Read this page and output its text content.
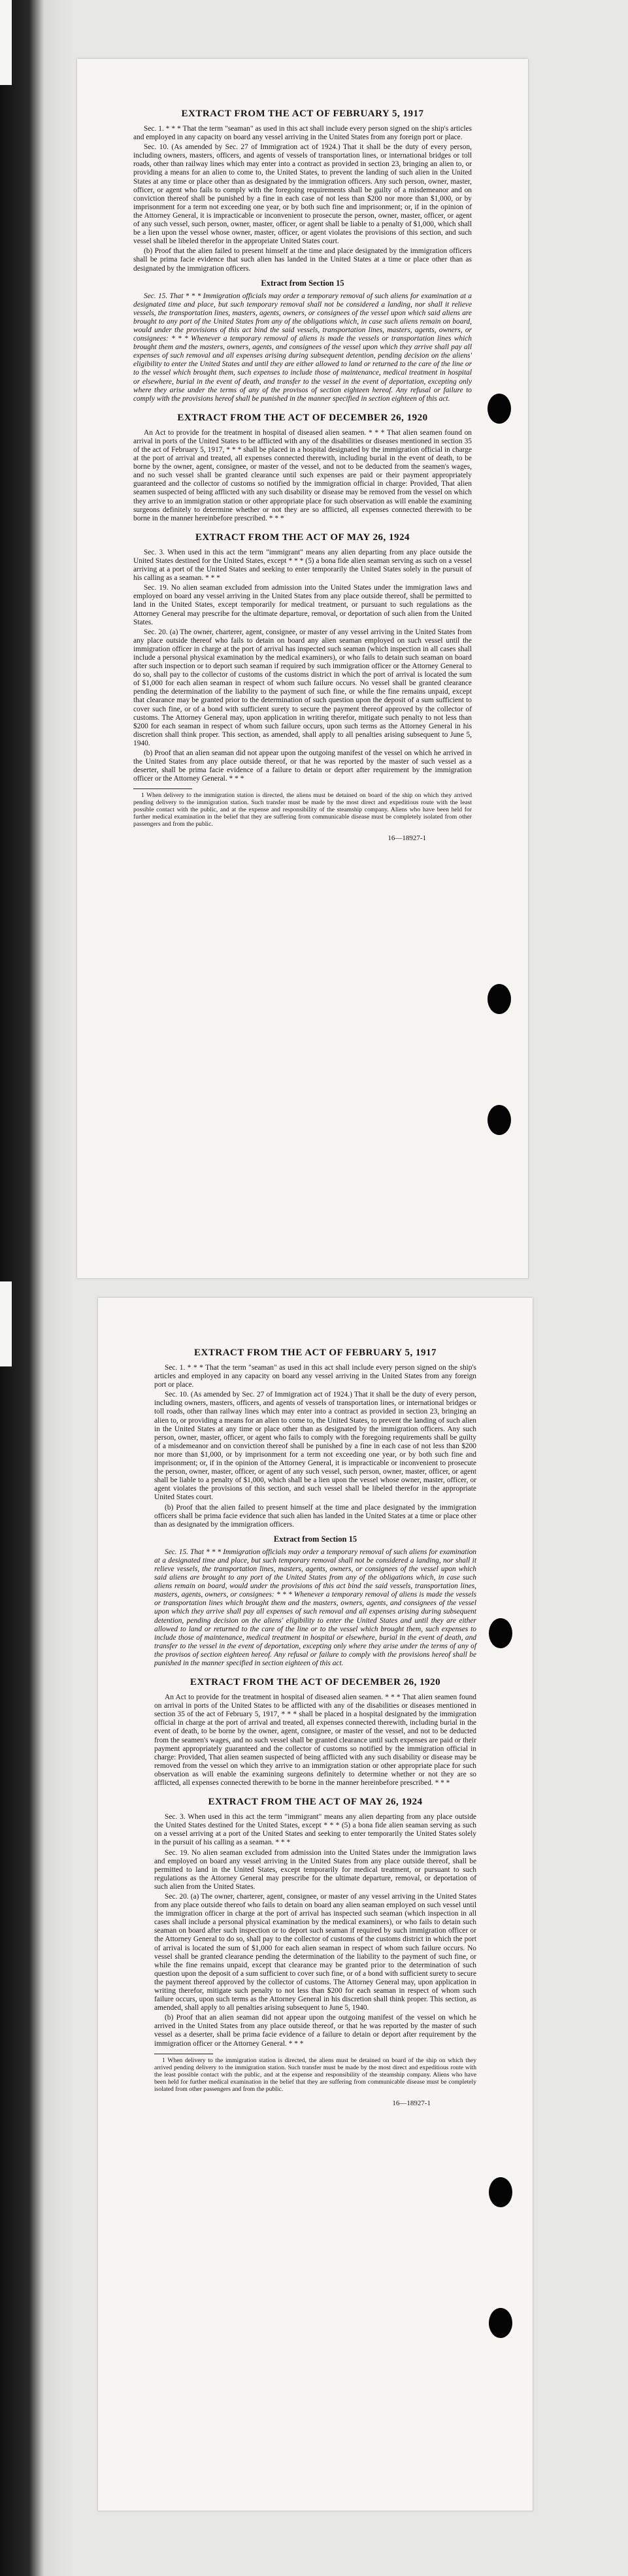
EXTRACT FROM THE ACT OF FEBRUARY 5, 1917

Sec. 1. * * * That the term "seaman" as used in this act shall include every person signed on the ship's articles and employed in any capacity on board any vessel arriving in the United States from any foreign port or place.

Sec. 10. (As amended by Sec. 27 of Immigration act of 1924.) That it shall be the duty of every person, including owners, masters, officers, and agents of vessels of transportation lines, or international bridges or toll roads, other than railway lines which may enter into a contract as provided in section 23, bringing an alien to, or providing a means for an alien to come to, the United States, to prevent the landing of such alien in the United States at any time or place other than as designated by the immigration officers. Any such person, owner, master, officer, or agent who fails to comply with the foregoing requirements shall be guilty of a misdemeanor and on conviction thereof shall be punished by a fine in each case of not less than $200 nor more than $1,000, or by imprisonment for a term not exceeding one year, or by both such fine and imprisonment; or, if in the opinion of the Attorney General, it is impracticable or inconvenient to prosecute the person, owner, master, officer, or agent of any such vessel, such person, owner, master, officer, or agent shall be liable to a penalty of $1,000, which shall be a lien upon the vessel whose owner, master, officer, or agent violates the provisions of this section, and such vessel shall be libeled therefor in the appropriate United States court.

(b) Proof that the alien failed to present himself at the time and place designated by the immigration officers shall be prima facie evidence that such alien has landed in the United States at a time or place other than as designated by the immigration officers.

Extract from Section 15

Sec. 15. That * * * Immigration officials may order a temporary removal of such aliens for examination at a designated time and place, but such temporary removal shall not be considered a landing, nor shall it relieve vessels, the transportation lines, masters, agents, owners, or consignees of the vessel upon which said aliens are brought to any port of the United States from any of the obligations which, in case such aliens remain on board, would under the provisions of this act bind the said vessels, transportation lines, masters, agents, owners, or consignees: * * * Whenever a temporary removal of aliens is made the vessels or transportation lines which brought them and the masters, owners, agents, and consignees of the vessel upon which they arrive shall pay all expenses of such removal and all expenses arising during subsequent detention, pending decision on the aliens' eligibility to enter the United States and until they are either allowed to land or returned to the care of the line or to the vessel which brought them, such expenses to include those of maintenance, medical treatment in hospital or elsewhere, burial in the event of death, and transfer to the vessel in the event of deportation, excepting only where they arise under the terms of any of the provisos of section eighteen hereof. Any refusal or failure to comply with the provisions hereof shall be punished in the manner specified in section eighteen of this act.

EXTRACT FROM THE ACT OF DECEMBER 26, 1920

An Act to provide for the treatment in hospital of diseased alien seamen. * * * That alien seamen found on arrival in ports of the United States to be afflicted with any of the disabilities or diseases mentioned in section 35 of the act of February 5, 1917, * * * shall be placed in a hospital designated by the immigration official in charge at the port of arrival and treated, all expenses connected therewith, including burial in the event of death, to be borne by the owner, agent, consignee, or master of the vessel, and not to be deducted from the seamen's wages, and no such vessel shall be granted clearance until such expenses are paid or their payment appropriately guaranteed and the collector of customs so notified by the immigration official in charge: Provided, That alien seamen suspected of being afflicted with any such disability or disease may be removed from the vessel on which they arrive to an immigration station or other appropriate place for such observation as will enable the examining surgeons definitely to determine whether or not they are so afflicted, all expenses connected therewith to be borne in the manner hereinbefore prescribed. * * *

EXTRACT FROM THE ACT OF MAY 26, 1924

Sec. 3. When used in this act the term "immigrant" means any alien departing from any place outside the United States destined for the United States, except * * * (5) a bona fide alien seaman serving as such on a vessel arriving at a port of the United States and seeking to enter temporarily the United States solely in the pursuit of his calling as a seaman. * * *

Sec. 19. No alien seaman excluded from admission into the United States under the immigration laws and employed on board any vessel arriving in the United States from any place outside thereof, shall be permitted to land in the United States, except temporarily for medical treatment, or pursuant to such regulations as the Attorney General may prescribe for the ultimate departure, removal, or deportation of such alien from the United States.

Sec. 20. (a) The owner, charterer, agent, consignee, or master of any vessel arriving in the United States from any place outside thereof who fails to detain on board any alien seaman employed on such vessel until the immigration officer in charge at the port of arrival has inspected such seaman (which inspection in all cases shall include a personal physical examination by the medical examiners), or who fails to detain such seaman on board after such inspection or to deport such seaman if required by such immigration officer or the Attorney General to do so, shall pay to the collector of customs of the customs district in which the port of arrival is located the sum of $1,000 for each alien seaman in respect of whom such failure occurs. No vessel shall be granted clearance pending the determination of the liability to the payment of such fine, or while the fine remains unpaid, except that clearance may be granted prior to the determination of such question upon the deposit of a sum sufficient to cover such fine, or of a bond with sufficient surety to secure the payment thereof approved by the collector of customs. The Attorney General may, upon application in writing therefor, mitigate such penalty to not less than $200 for each seaman in respect of whom such failure occurs, upon such terms as the Attorney General in his discretion shall think proper. This section, as amended, shall apply to all penalties arising subsequent to June 5, 1940.

(b) Proof that an alien seaman did not appear upon the outgoing manifest of the vessel on which he arrived in the United States from any place outside thereof, or that he was reported by the master of such vessel as a deserter, shall be prima facie evidence of a failure to detain or deport after requirement by the immigration officer or the Attorney General. * * *

1 When delivery to the immigration station is directed, the aliens must be detained on board of the ship on which they arrived pending delivery to the immigration station. Such transfer must be made by the most direct and expeditious route with the least possible contact with the public, and at the expense and responsibility of the steamship company. Aliens who have been held for further medical examination in the belief that they are suffering from communicable disease must be completely isolated from other passengers and from the public.

16—18927-1
EXTRACT FROM THE ACT OF FEBRUARY 5, 1917

Sec. 1. * * * That the term "seaman" as used in this act shall include every person signed on the ship's articles and employed in any capacity on board any vessel arriving in the United States from any foreign port or place.

Sec. 10. (As amended by Sec. 27 of Immigration act of 1924.) That it shall be the duty of every person, including owners, masters, officers, and agents of vessels of transportation lines, or international bridges or toll roads, other than railway lines which may enter into a contract as provided in section 23, bringing an alien to, or providing a means for an alien to come to, the United States, to prevent the landing of such alien in the United States at any time or place other than as designated by the immigration officers. Any such person, owner, master, officer, or agent who fails to comply with the foregoing requirements shall be guilty of a misdemeanor and on conviction thereof shall be punished by a fine in each case of not less than $200 nor more than $1,000, or by imprisonment for a term not exceeding one year, or by both such fine and imprisonment; or, if in the opinion of the Attorney General, it is impracticable or inconvenient to prosecute the person, owner, master, officer, or agent of any such vessel, such person, owner, master, officer, or agent shall be liable to a penalty of $1,000, which shall be a lien upon the vessel whose owner, master, officer, or agent violates the provisions of this section, and such vessel shall be libeled therefor in the appropriate United States court.

(b) Proof that the alien failed to present himself at the time and place designated by the immigration officers shall be prima facie evidence that such alien has landed in the United States at a time or place other than as designated by the immigration officers.

Extract from Section 15

Sec. 15. That * * * Immigration officials may order a temporary removal of such aliens for examination at a designated time and place, but such temporary removal shall not be considered a landing, nor shall it relieve vessels, the transportation lines, masters, agents, owners, or consignees of the vessel upon which said aliens are brought to any port of the United States from any of the obligations which, in case such aliens remain on board, would under the provisions of this act bind the said vessels, transportation lines, masters, agents, owners, or consignees: * * * Whenever a temporary removal of aliens is made the vessels or transportation lines which brought them and the masters, owners, agents, and consignees of the vessel upon which they arrive shall pay all expenses of such removal and all expenses arising during subsequent detention, pending decision on the aliens' eligibility to enter the United States and until they are either allowed to land or returned to the care of the line or to the vessel which brought them, such expenses to include those of maintenance, medical treatment in hospital or elsewhere, burial in the event of death, and transfer to the vessel in the event of deportation, excepting only where they arise under the terms of any of the provisos of section eighteen hereof. Any refusal or failure to comply with the provisions hereof shall be punished in the manner specified in section eighteen of this act.

EXTRACT FROM THE ACT OF DECEMBER 26, 1920

An Act to provide for the treatment in hospital of diseased alien seamen. * * * That alien seamen found on arrival in ports of the United States to be afflicted with any of the disabilities or diseases mentioned in section 35 of the act of February 5, 1917, * * * shall be placed in a hospital designated by the immigration official in charge at the port of arrival and treated, all expenses connected therewith, including burial in the event of death, to be borne by the owner, agent, consignee, or master of the vessel, and not to be deducted from the seamen's wages, and no such vessel shall be granted clearance until such expenses are paid or their payment appropriately guaranteed and the collector of customs so notified by the immigration official in charge: Provided, That alien seamen suspected of being afflicted with any such disability or disease may be removed from the vessel on which they arrive to an immigration station or other appropriate place for such observation as will enable the examining surgeons definitely to determine whether or not they are so afflicted, all expenses connected therewith to be borne in the manner hereinbefore prescribed. * * *

EXTRACT FROM THE ACT OF MAY 26, 1924

Sec. 3. When used in this act the term "immigrant" means any alien departing from any place outside the United States destined for the United States, except * * * (5) a bona fide alien seaman serving as such on a vessel arriving at a port of the United States and seeking to enter temporarily the United States solely in the pursuit of his calling as a seaman. * * *

Sec. 19. No alien seaman excluded from admission into the United States under the immigration laws and employed on board any vessel arriving in the United States from any place outside thereof, shall be permitted to land in the United States, except temporarily for medical treatment, or pursuant to such regulations as the Attorney General may prescribe for the ultimate departure, removal, or deportation of such alien from the United States.

Sec. 20. (a) The owner, charterer, agent, consignee, or master of any vessel arriving in the United States from any place outside thereof who fails to detain on board any alien seaman employed on such vessel until the immigration officer in charge at the port of arrival has inspected such seaman (which inspection in all cases shall include a personal physical examination by the medical examiners), or who fails to detain such seaman on board after such inspection or to deport such seaman if required by such immigration officer or the Attorney General to do so, shall pay to the collector of customs of the customs district in which the port of arrival is located the sum of $1,000 for each alien seaman in respect of whom such failure occurs. No vessel shall be granted clearance pending the determination of the liability to the payment of such fine, or while the fine remains unpaid, except that clearance may be granted prior to the determination of such question upon the deposit of a sum sufficient to cover such fine, or of a bond with sufficient surety to secure the payment thereof approved by the collector of customs. The Attorney General may, upon application in writing therefor, mitigate such penalty to not less than $200 for each seaman in respect of whom such failure occurs, upon such terms as the Attorney General in his discretion shall think proper. This section, as amended, shall apply to all penalties arising subsequent to June 5, 1940.

(b) Proof that an alien seaman did not appear upon the outgoing manifest of the vessel on which he arrived in the United States from any place outside thereof, or that he was reported by the master of such vessel as a deserter, shall be prima facie evidence of a failure to detain or deport after requirement by the immigration officer or the Attorney General. * * *

1 When delivery to the immigration station is directed, the aliens must be detained on board of the ship on which they arrived pending delivery to the immigration station. Such transfer must be made by the most direct and expeditious route with the least possible contact with the public, and at the expense and responsibility of the steamship company. Aliens who have been held for further medical examination in the belief that they are suffering from communicable disease must be completely isolated from other passengers and from the public.

16—18927-1
